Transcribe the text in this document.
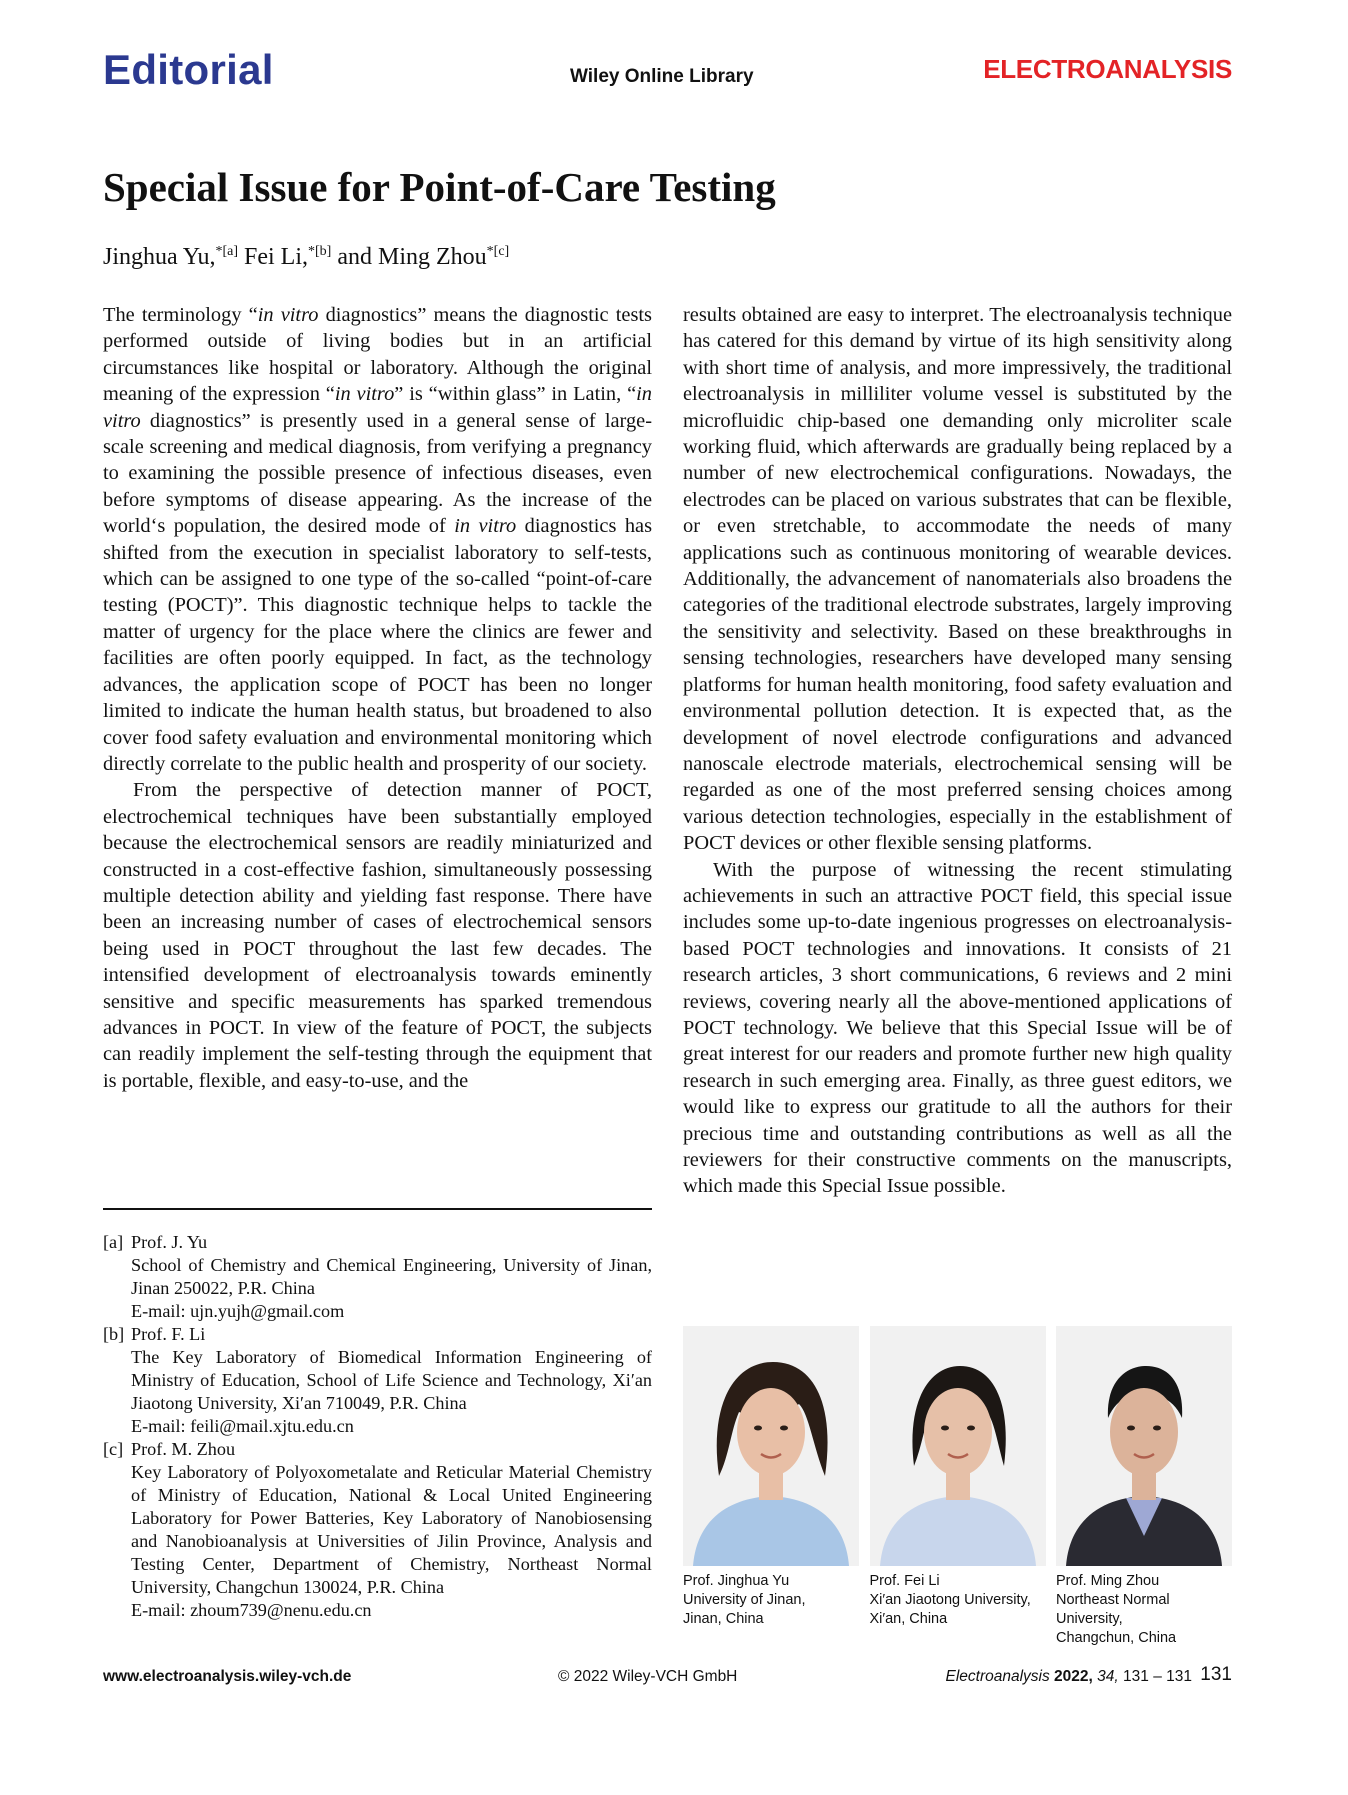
Editorial	Wiley Online Library	ELECTROANALYSIS
Special Issue for Point-of-Care Testing
Jinghua Yu,$^{*[a]}$ Fei Li,$^{*[b]}$ and Ming Zhou$^{*[c]}$

The terminology “in vitro diagnostics” means the diagnostic tests performed outside of living bodies but in an artificial circumstances like hospital or laboratory. Although the original meaning of the expression “in vitro” is “within glass” in Latin, “in vitro diagnostics” is presently used in a general sense of large-scale screening and medical diagnosis, from verifying a pregnancy to examining the possible presence of infectious diseases, even before symptoms of disease appearing. As the increase of the world‘s population, the desired mode of in vitro diagnostics has shifted from the execution in specialist laboratory to self-tests, which can be assigned to one type of the so-called “point-of-care testing (POCT)”. This diagnostic technique helps to tackle the matter of urgency for the place where the clinics are fewer and facilities are often poorly equipped. In fact, as the technology advances, the application scope of POCT has been no longer limited to indicate the human health status, but broadened to also cover food safety evaluation and environmental monitoring which directly correlate to the public health and prosperity of our society.

From the perspective of detection manner of POCT, electrochemical techniques have been substantially employed because the electrochemical sensors are readily miniaturized and constructed in a cost-effective fashion, simultaneously possessing multiple detection ability and yielding fast response. There have been an increasing number of cases of electrochemical sensors being used in POCT throughout the last few decades. The intensified development of electroanalysis towards eminently sensitive and specific measurements has sparked tremendous advances in POCT. In view of the feature of POCT, the subjects can readily implement the self-testing through the equipment that is portable, flexible, and easy-to-use, and the

results obtained are easy to interpret. The electroanalysis technique has catered for this demand by virtue of its high sensitivity along with short time of analysis, and more impressively, the traditional electroanalysis in milliliter volume vessel is substituted by the microfluidic chip-based one demanding only microliter scale working fluid, which afterwards are gradually being replaced by a number of new electrochemical configurations. Nowadays, the electrodes can be placed on various substrates that can be flexible, or even stretchable, to accommodate the needs of many applications such as continuous monitoring of wearable devices. Additionally, the advancement of nanomaterials also broadens the categories of the traditional electrode substrates, largely improving the sensitivity and selectivity. Based on these breakthroughs in sensing technologies, researchers have developed many sensing platforms for human health monitoring, food safety evaluation and environmental pollution detection. It is expected that, as the development of novel electrode configurations and advanced nanoscale electrode materials, electrochemical sensing will be regarded as one of the most preferred sensing choices among various detection technologies, especially in the establishment of POCT devices or other flexible sensing platforms.

With the purpose of witnessing the recent stimulating achievements in such an attractive POCT field, this special issue includes some up-to-date ingenious progresses on electroanalysis-based POCT technologies and innovations. It consists of 21 research articles, 3 short communications, 6 reviews and 2 mini reviews, covering nearly all the above-mentioned applications of POCT technology. We believe that this Special Issue will be of great interest for our readers and promote further new high quality research in such emerging area. Finally, as three guest editors, we would like to express our gratitude to all the authors for their precious time and outstanding contributions as well as all the reviewers for their constructive comments on the manuscripts, which made this Special Issue possible.

[a] Prof. J. Yu
School of Chemistry and Chemical Engineering, University of Jinan, Jinan 250022, P.R. China
E-mail: ujn.yujh@gmail.com
[b] Prof. F. Li
The Key Laboratory of Biomedical Information Engineering of Ministry of Education, School of Life Science and Technology, Xi′an Jiaotong University, Xi′an 710049, P.R. China
E-mail: feili@mail.xjtu.edu.cn
[c] Prof. M. Zhou
Key Laboratory of Polyoxometalate and Reticular Material Chemistry of Ministry of Education, National & Local United Engineering Laboratory for Power Batteries, Key Laboratory of Nanobiosensing and Nanobioanalysis at Universities of Jilin Province, Analysis and Testing Center, Department of Chemistry, Northeast Normal University, Changchun 130024, P.R. China
E-mail: zhoum739@nenu.edu.cn
Prof. Jinghua Yu
University of Jinan,
Jinan, China
Prof. Fei Li
Xi′an Jiaotong University,
Xi′an, China
Prof. Ming Zhou
Northeast Normal University,
Changchun, China
www.electroanalysis.wiley-vch.de	© 2022 Wiley-VCH GmbH	Electroanalysis 2022, 34, 131 – 131 131
